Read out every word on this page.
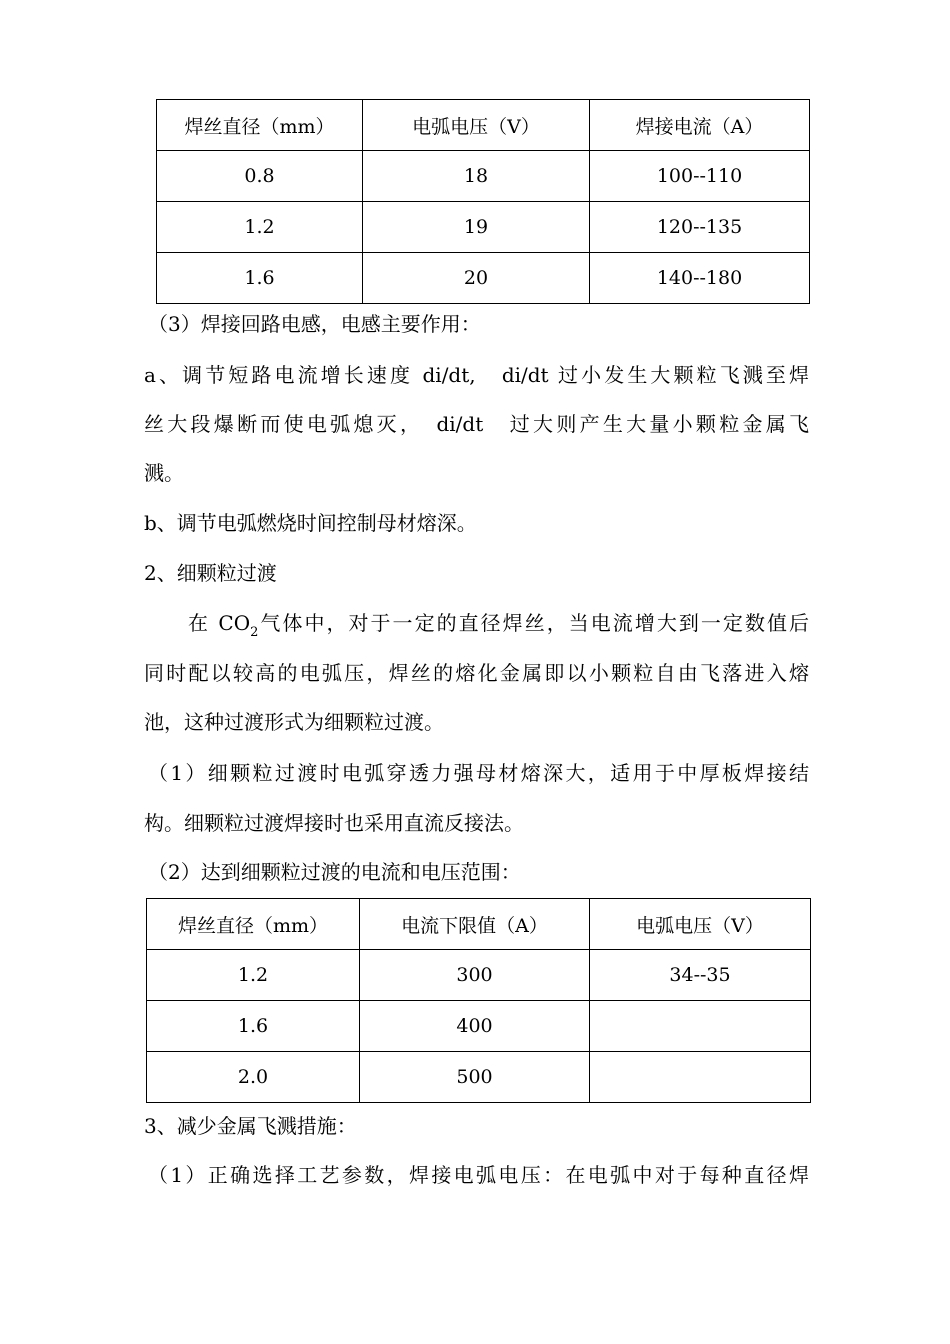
焊丝直径（mm）	电弧电压（V）	焊接电流（A）
0.8	18	100--110
1.2	19	120--135
1.6	20	140--180
（3）焊接回路电感，电感主要作用：
a、调节短路电流增长速度 di/dt,　di/dt 过小发生大颗粒飞溅至焊
丝大段爆断而使电弧熄灭，　di/dt　过大则产生大量小颗粒金属飞
溅。
b、调节电弧燃烧时间控制母材熔深。
2、细颗粒过渡
在 $CO_2$气体中，对于一定的直径焊丝，当电流增大到一定数值后
同时配以较高的电弧压，焊丝的熔化金属即以小颗粒自由飞落进入熔
池，这种过渡形式为细颗粒过渡。
（1）细颗粒过渡时电弧穿透力强母材熔深大，适用于中厚板焊接结
构。细颗粒过渡焊接时也采用直流反接法。
（2）达到细颗粒过渡的电流和电压范围：
焊丝直径（mm）	电流下限值（A）	电弧电压（V）
1.2	300	34--35
1.6	400	
2.0	500	
3、减少金属飞溅措施：
（1）正确选择工艺参数，焊接电弧电压：在电弧中对于每种直径焊
